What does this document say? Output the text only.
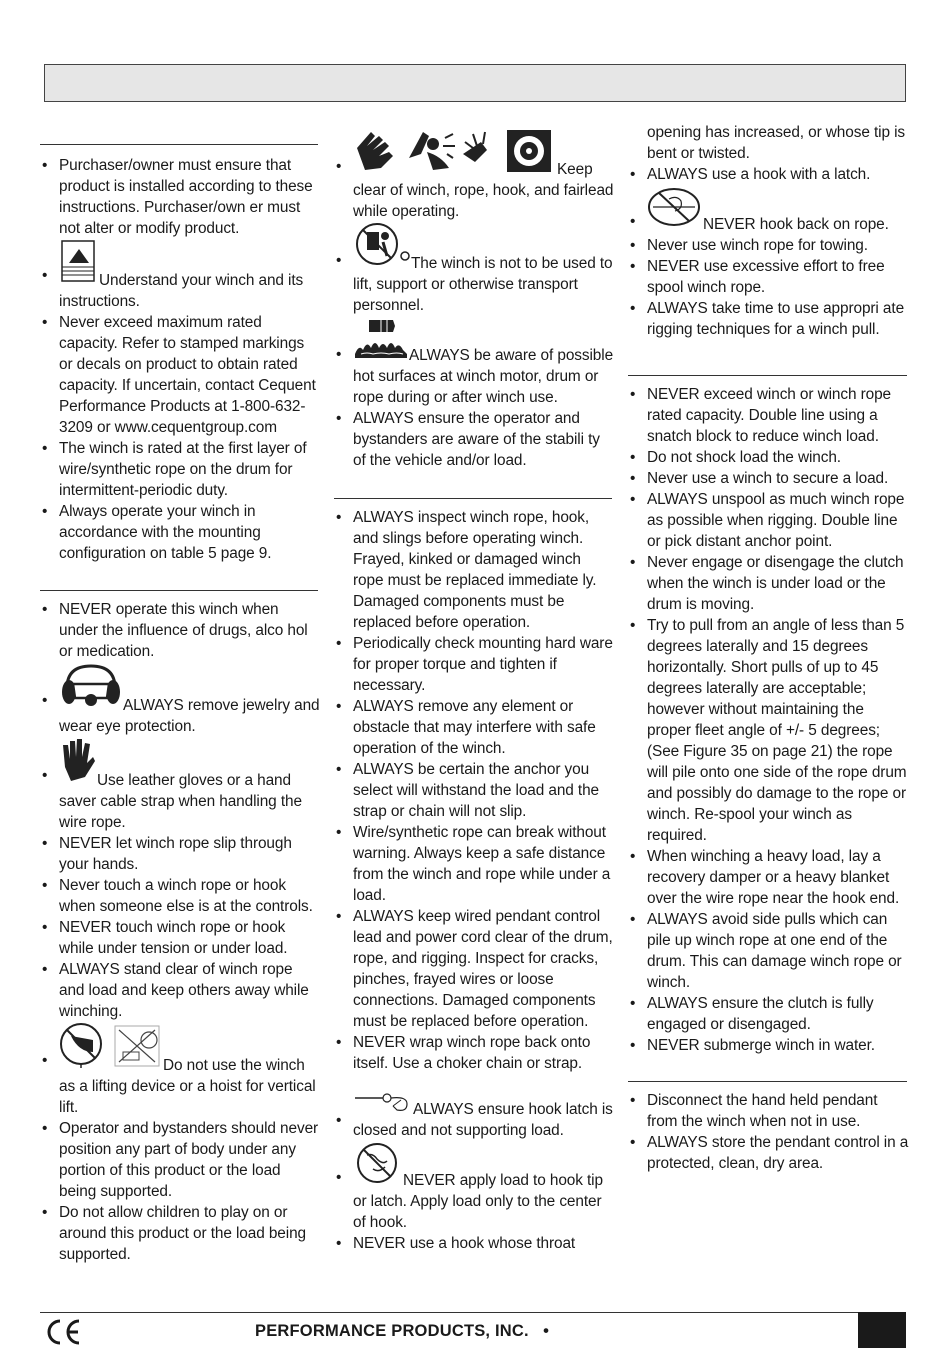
• Purchaser/owner must ensure that product is installed according to these instructions. Purchaser/own er must not alter or modify product.
•	Understand your winch and its instructions.
• Never exceed maximum rated capacity. Refer to stamped markings or decals on product to obtain rated capacity. If uncertain, contact Cequent Performance Products at 1-800-632-3209 or www.cequentgroup.com
• The winch is rated at the first layer of wire/synthetic rope on the drum for intermittent-periodic duty.
• Always operate your winch in accordance with the mounting configuration on table 5 page 9.
• NEVER operate this winch when under the influence of drugs, alco hol or medication.
•	ALWAYS remove jewelry and wear eye protection.
•	Use leather gloves or a hand saver cable strap when handling the wire rope.
• NEVER let winch rope slip through your hands.
• Never touch a winch rope or hook when someone else is at the controls.
• NEVER touch winch rope or hook while under tension or under load.
• ALWAYS stand clear of winch rope and load and keep others away while winching.
•	Do not use the winch as a lifting device or a hoist for vertical lift.
• Operator and bystanders should never position any part of body under any portion of this product or the load being supported.
• Do not allow children to play on or around this product or the load being supported.
•	Keep clear of winch, rope, hook, and fairlead while operating.
•	The winch is not to be used to lift, support or otherwise transport personnel.
•	ALWAYS be aware of possible hot surfaces at winch motor, drum or rope during or after winch use.
• ALWAYS ensure the operator and bystanders are aware of the stabili ty of the vehicle and/or load.
• ALWAYS inspect winch rope, hook, and slings before operating winch. Frayed, kinked or damaged winch rope must be replaced immediate ly. Damaged components must be replaced before operation.
• Periodically check mounting hard ware for proper torque and tighten if necessary.
• ALWAYS remove any element or obstacle that may interfere with safe operation of the winch.
• ALWAYS be certain the anchor you select will withstand the load and the strap or chain will not slip.
• Wire/synthetic rope can break without warning. Always keep a safe distance from the winch and rope while under a load.
• ALWAYS keep wired pendant control lead and power cord clear of the drum, rope, and rigging. Inspect for cracks, pinches, frayed wires or loose connections. Damaged components must be replaced before operation.
• NEVER wrap winch rope back onto itself. Use a choker chain or strap.
•
ALWAYS ensure hook latch is closed and not supporting load.
•	NEVER apply load to hook tip or latch. Apply load only to the center of hook.
• NEVER use a hook whose throat
opening has increased, or whose tip is bent or twisted.
• ALWAYS use a hook with a latch.
•	NEVER hook back on rope.
• Never use winch rope for towing.
• NEVER use excessive effort to free spool winch rope.
• ALWAYS take time to use appropri ate rigging techniques for a winch pull.
• NEVER exceed winch or winch rope rated capacity. Double line using a snatch block to reduce winch load.
• Do not shock load the winch.
• Never use a winch to secure a load.
• ALWAYS unspool as much winch rope as possible when rigging. Double line or pick distant anchor point.
• Never engage or disengage the clutch when the winch is under load or the drum is moving.
• Try to pull from an angle of less than 5 degrees laterally and 15 degrees horizontally. Short pulls of up to 45 degrees laterally are acceptable; however without maintaining the proper fleet angle of +/- 5 degrees;(See Figure 35 on page 21) the rope will pile onto one side of the rope drum and possibly do damage to the rope or winch. Re-spool your winch as required.
• When winching a heavy load, lay a recovery damper or a heavy blanket over the wire rope near the hook end.
• ALWAYS avoid side pulls which can pile up winch rope at one end of the drum. This can damage winch rope or winch.
• ALWAYS ensure the clutch is fully engaged or disengaged.
• NEVER submerge winch in water.
• Disconnect the hand held pendant from the winch when not in use.
• ALWAYS store the pendant control in a protected, clean, dry area.
PERFORMANCE PRODUCTS, INC. •
